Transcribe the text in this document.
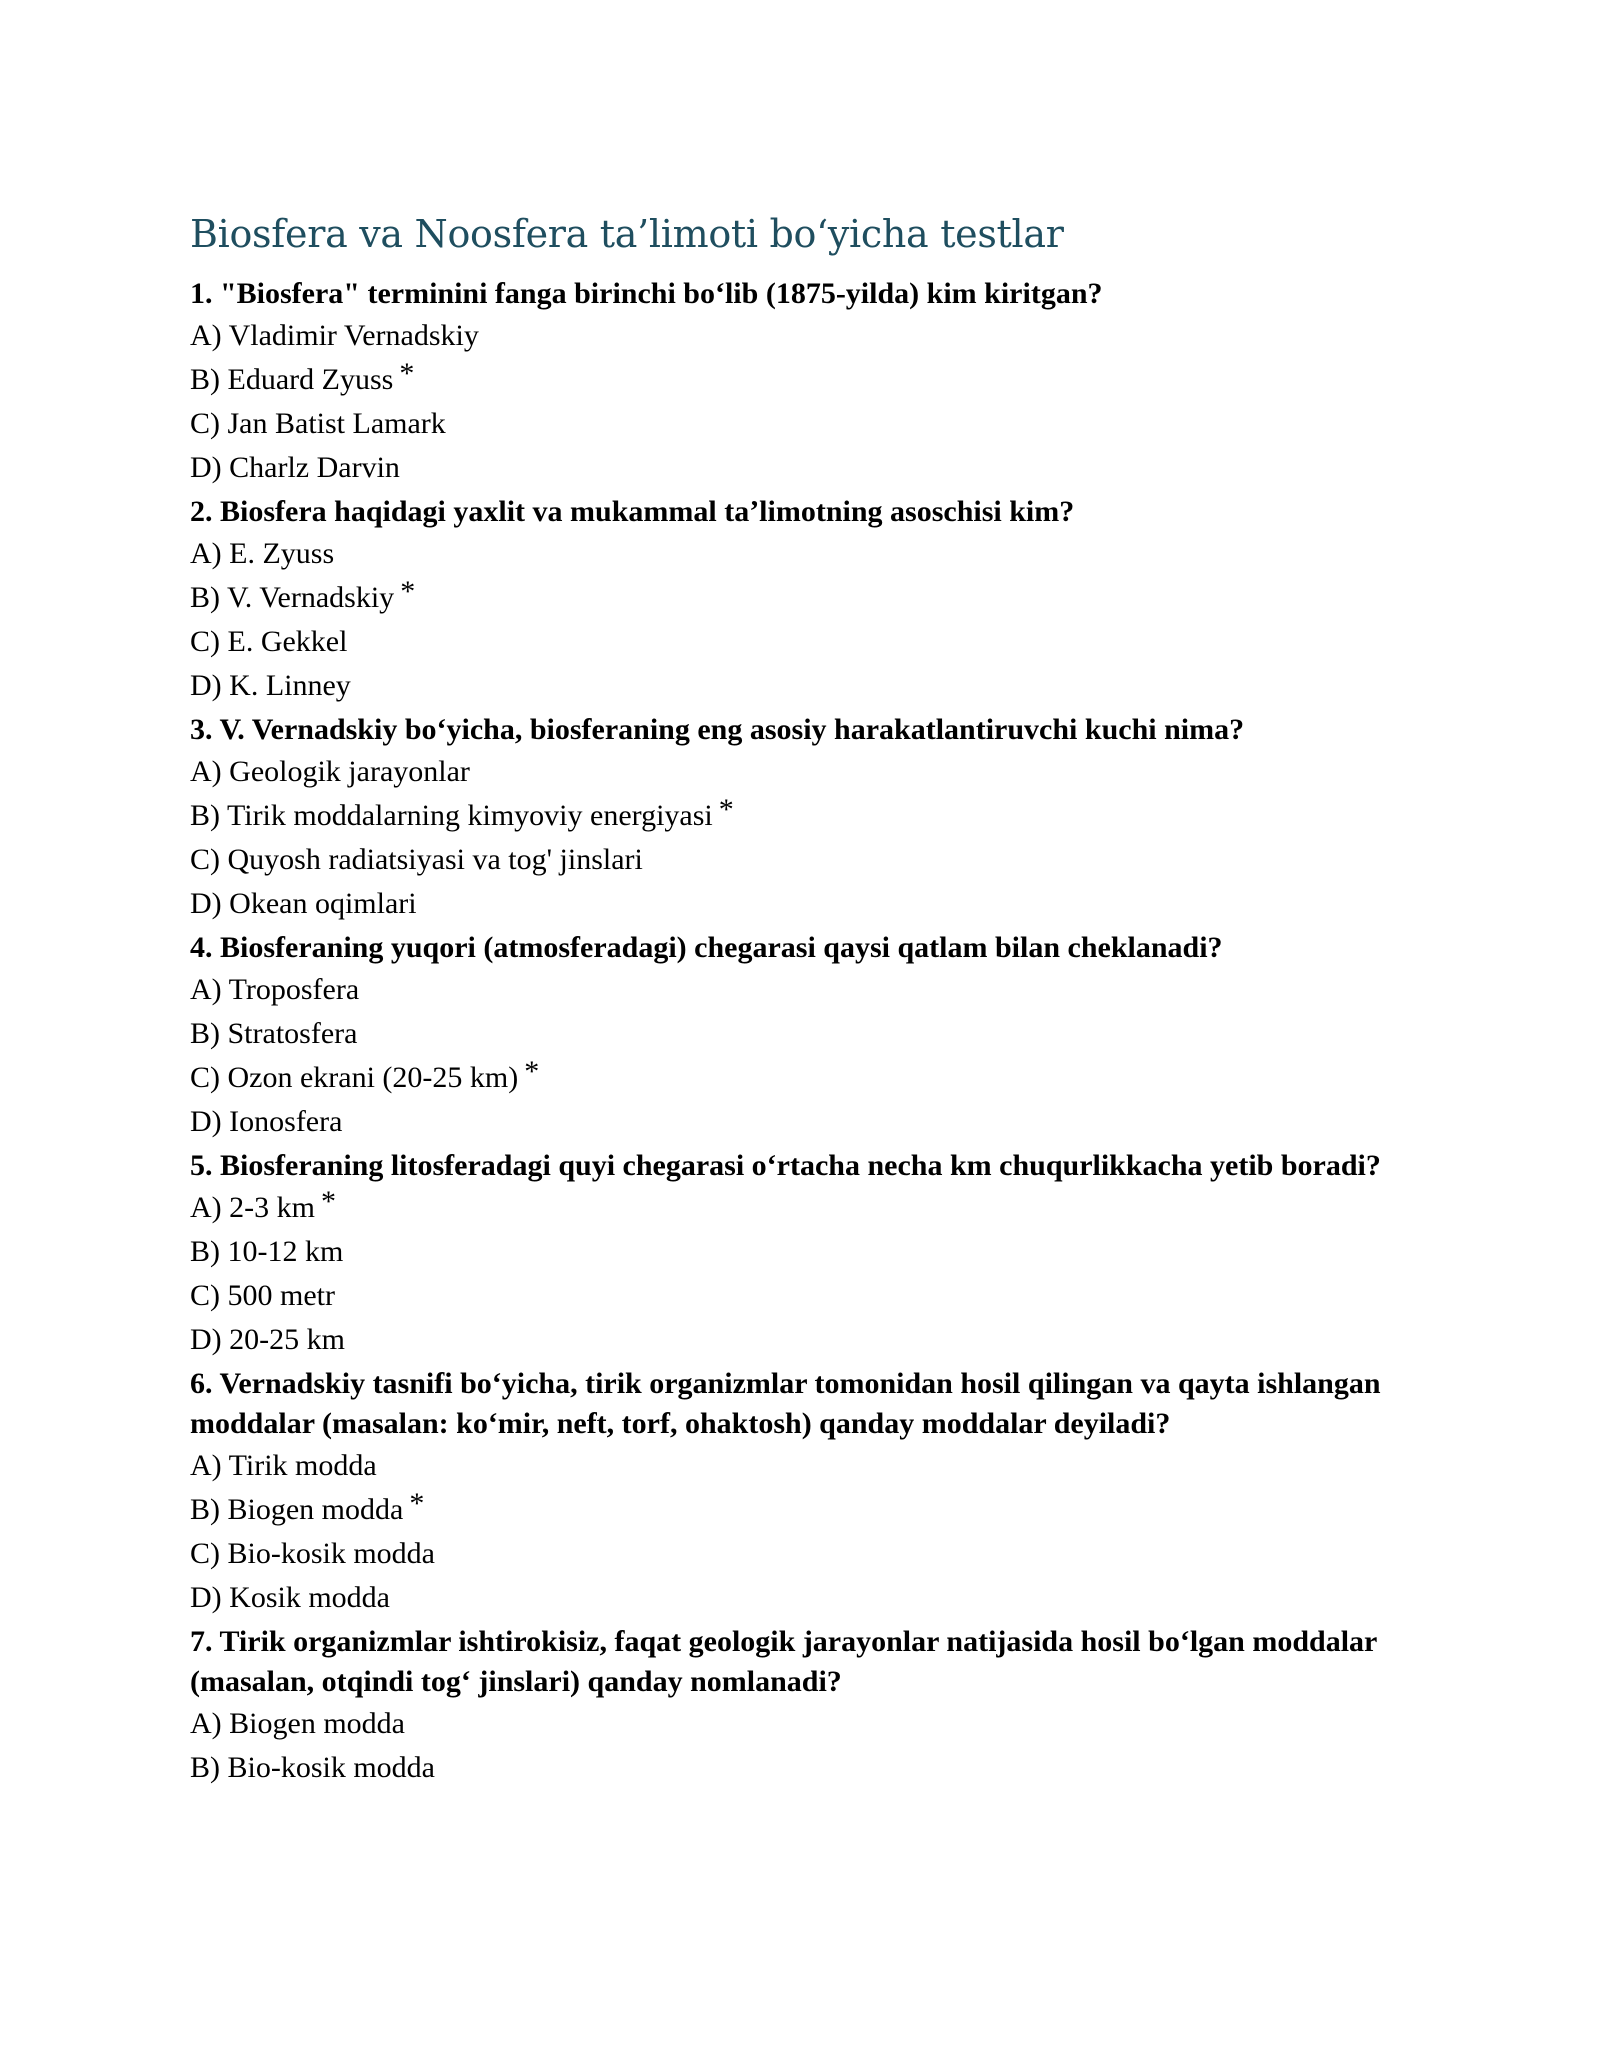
Biosfera va Noosfera ta’limoti bo‘yicha testlar

1. "Biosfera" terminini fanga birinchi boʻlib (1875-yilda) kim kiritgan?

A) Vladimir Vernadskiy

B) Eduard Zyuss *

C) Jan Batist Lamark

D) Charlz Darvin

2. Biosfera haqidagi yaxlit va mukammal taʼlimotning asoschisi kim?

A) E. Zyuss

B) V. Vernadskiy *

C) E. Gekkel

D) K. Linney

3. V. Vernadskiy boʻyicha, biosferaning eng asosiy harakatlantiruvchi kuchi nima?

A) Geologik jarayonlar

B) Tirik moddalarning kimyoviy energiyasi *

C) Quyosh radiatsiyasi va tog' jinslari

D) Okean oqimlari

4. Biosferaning yuqori (atmosferadagi) chegarasi qaysi qatlam bilan cheklanadi?

A) Troposfera

B) Stratosfera

C) Ozon ekrani (20-25 km) *

D) Ionosfera

5. Biosferaning litosferadagi quyi chegarasi oʻrtacha necha km chuqurlikkacha yetib boradi?

A) 2-3 km *

B) 10-12 km

C) 500 metr

D) 20-25 km

6. Vernadskiy tasnifi boʻyicha, tirik organizmlar tomonidan hosil qilingan va qayta ishlangan moddalar (masalan: koʻmir, neft, torf, ohaktosh) qanday moddalar deyiladi?

A) Tirik modda

B) Biogen modda *

C) Bio-kosik modda

D) Kosik modda

7. Tirik organizmlar ishtirokisiz, faqat geologik jarayonlar natijasida hosil boʻlgan moddalar (masalan, otqindi togʻ jinslari) qanday nomlanadi?

A) Biogen modda

B) Bio-kosik modda
